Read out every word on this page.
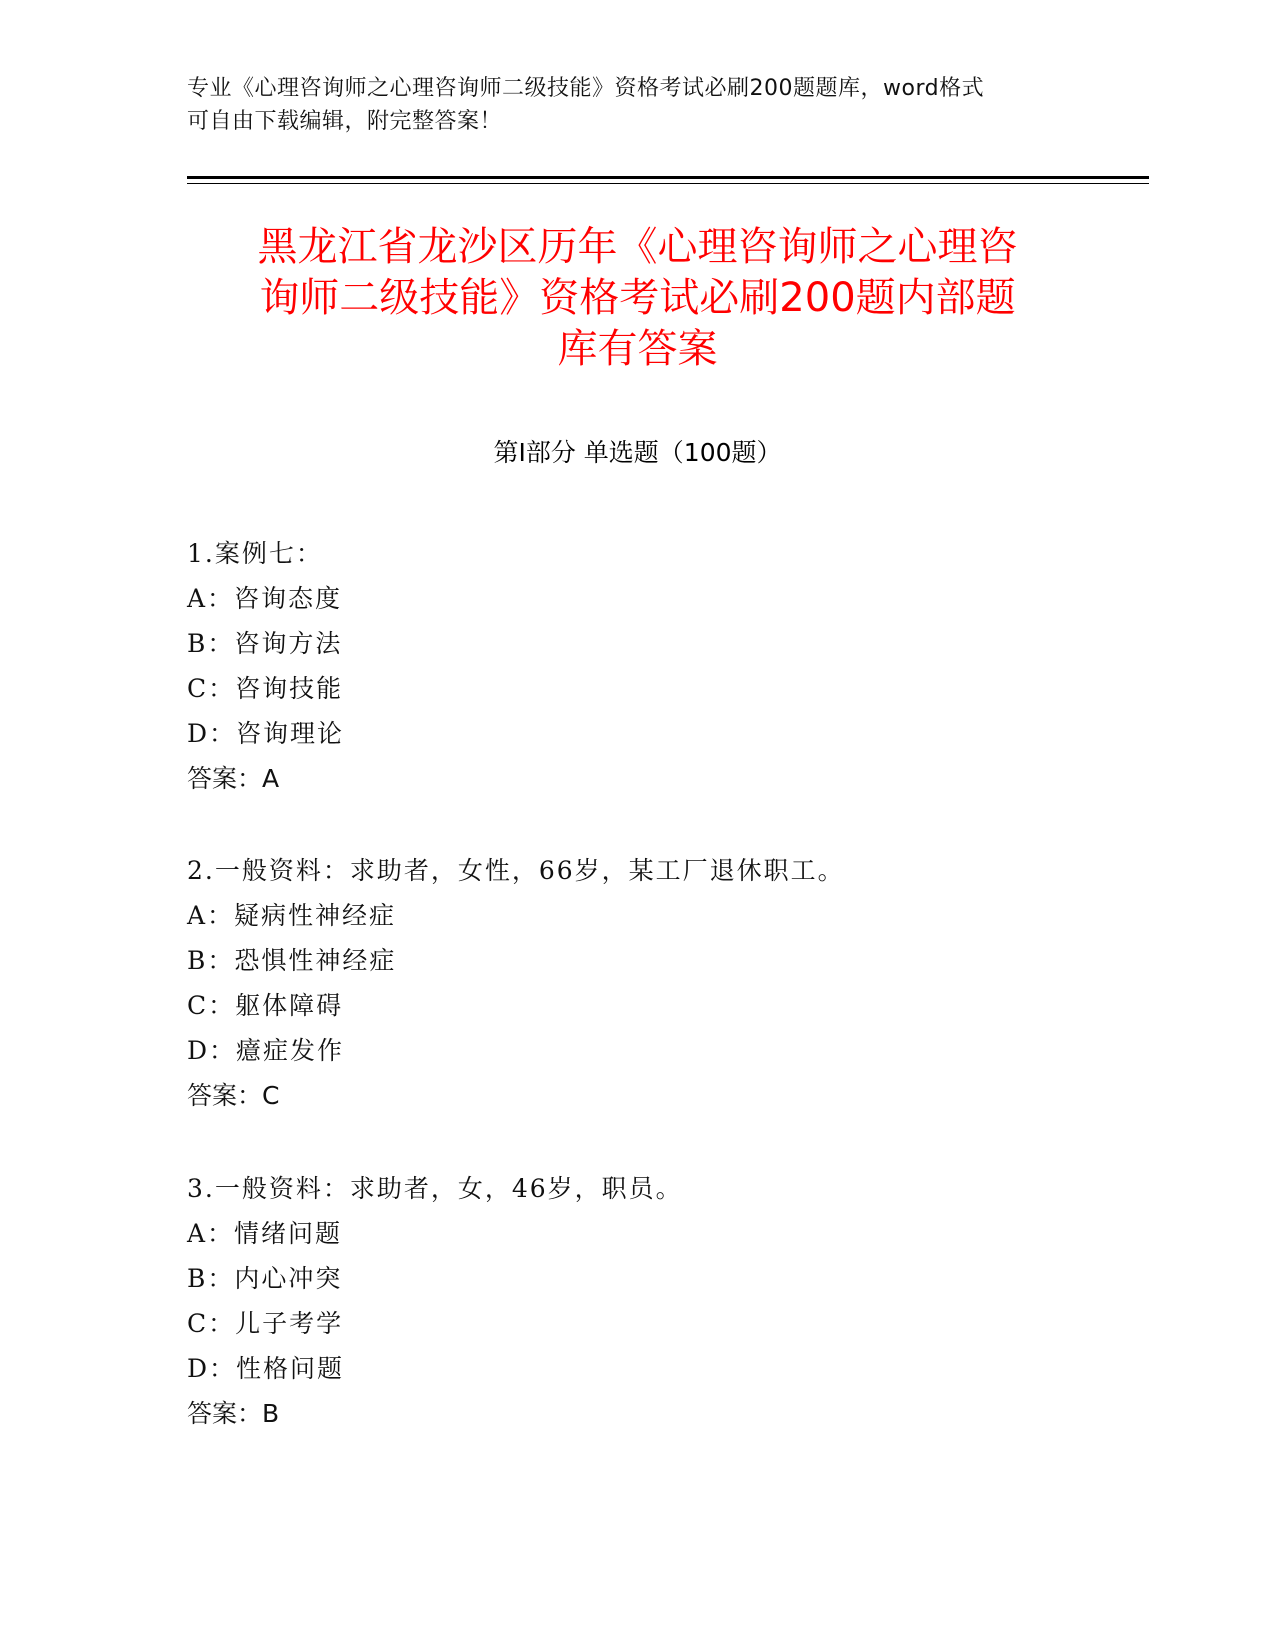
专业《心理咨询师之心理咨询师二级技能》资格考试必刷200题题库，word格式
可自由下载编辑，附完整答案！
黑龙江省龙沙区历年《心理咨询师之心理咨
询师二级技能》资格考试必刷200题内部题
库有答案
第Ⅰ部分 单选题（100题）
1.案例七：
A：咨询态度
B：咨询方法
C：咨询技能
D：咨询理论
答案：A
2.一般资料：求助者，女性，66岁，某工厂退休职工。
A：疑病性神经症
B：恐惧性神经症
C：躯体障碍
D：癔症发作
答案：C
3.一般资料：求助者，女，46岁，职员。
A：情绪问题
B：内心冲突
C：儿子考学
D：性格问题
答案：B
